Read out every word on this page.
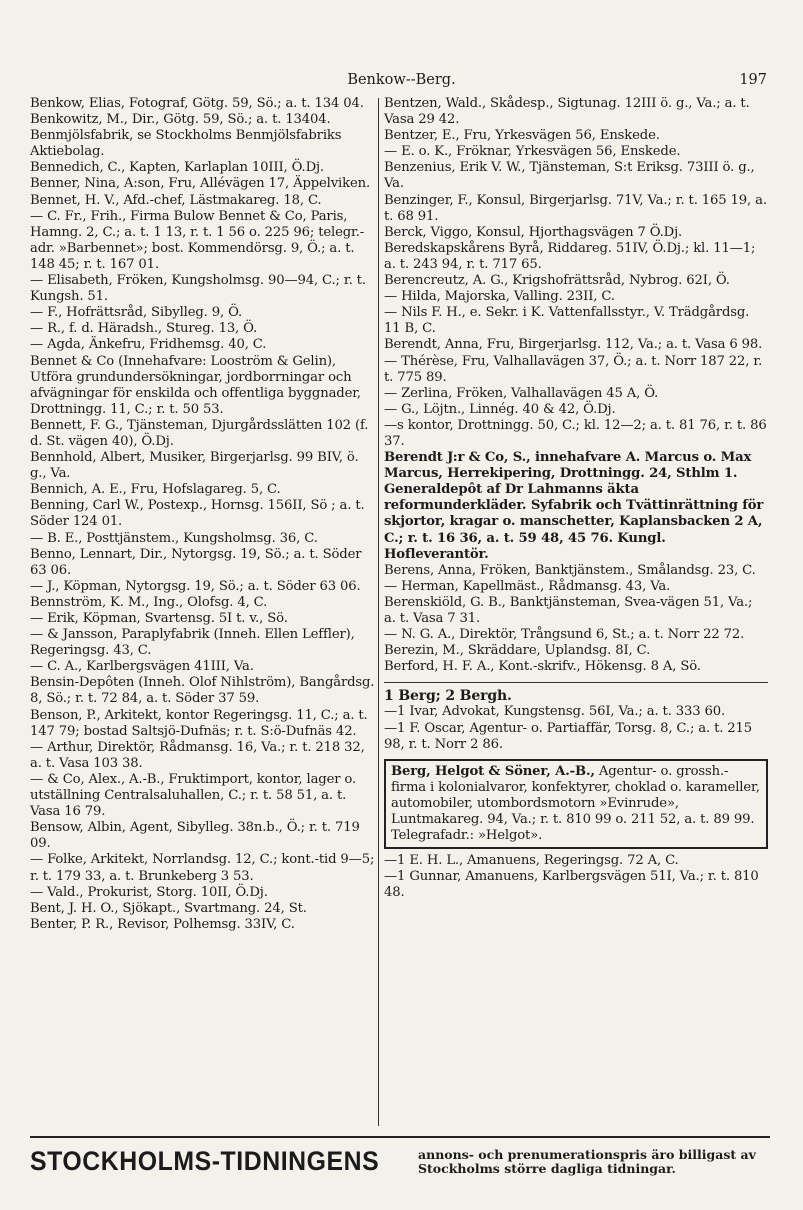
Benkow--Berg.	197
Benkow, Elias, Fotograf, Götg. 59, Sö.; a. t. 134 04.
Benkowitz, M., Dir., Götg. 59, Sö.; a. t. 13404.
Benmjölsfabrik, se Stockholms Benmjölsfabriks Aktiebolag.
Bennedich, C., Kapten, Karlaplan 10III, Ö.Dj.
Benner, Nina, A:son, Fru, Allévägen 17, Äppelviken.
Bennet, H. V., Afd.-chef, Lästmakareg. 18, C.
— C. Fr., Frih., Firma Bulow Bennet & Co, Paris, Hamng. 2, C.; a. t. 1 13, r. t. 1 56 o. 225 96; telegr.-adr. »Barbennet»; bost. Kommendörsg. 9, Ö.; a. t. 148 45; r. t. 167 01.
— Elisabeth, Fröken, Kungsholmsg. 90—94, C.; r. t. Kungsh. 51.
— F., Hofrättsråd, Sibylleg. 9, Ö.
— R., f. d. Häradsh., Stureg. 13, Ö.
— Agda, Änkefru, Fridhemsg. 40, C.
Bennet & Co (Innehafvare: Looström & Gelin), Utföra grundundersökningar, jordborrningar och afvägningar för enskilda och offentliga byggnader, Drottningg. 11, C.; r. t. 50 53.
Bennett, F. G., Tjänsteman, Djurgårdsslätten 102 (f. d. St. vägen 40), Ö.Dj.
Bennhold, Albert, Musiker, Birgerjarlsg. 99 BIV, ö. g., Va.
Bennich, A. E., Fru, Hofslagareg. 5, C.
Benning, Carl W., Postexp., Hornsg. 156II, Sö ; a. t. Söder 124 01.
— B. E., Posttjänstem., Kungsholmsg. 36, C.
Benno, Lennart, Dir., Nytorgsg. 19, Sö.; a. t. Söder 63 06.
— J., Köpman, Nytorgsg. 19, Sö.; a. t. Söder 63 06.
Bennström, K. M., Ing., Olofsg. 4, C.
— Erik, Köpman, Svartensg. 5I t. v., Sö.
— & Jansson, Paraplyfabrik (Inneh. Ellen Leffler), Regeringsg. 43, C.
— C. A., Karlbergsvägen 41III, Va.
Bensin-Depôten (Inneh. Olof Nihlström), Bangårdsg. 8, Sö.; r. t. 72 84, a. t. Söder 37 59.
Benson, P., Arkitekt, kontor Regeringsg. 11, C.; a. t. 147 79; bostad Saltsjö-Dufnäs; r. t. S:ö-Dufnäs 42.
— Arthur, Direktör, Rådmansg. 16, Va.; r. t. 218 32, a. t. Vasa 103 38.
— & Co, Alex., A.-B., Fruktimport, kontor, lager o. utställning Centralsaluhallen, C.; r. t. 58 51, a. t. Vasa 16 79.
Bensow, Albin, Agent, Sibylleg. 38n.b., Ö.; r. t. 719 09.
— Folke, Arkitekt, Norrlandsg. 12, C.; kont.-tid 9—5; r. t. 179 33, a. t. Brunkeberg 3 53.
— Vald., Prokurist, Storg. 10II, Ö.Dj.
Bent, J. H. O., Sjökapt., Svartmang. 24, St.
Benter, P. R., Revisor, Polhemsg. 33IV, C.
Bentzen, Wald., Skådesp., Sigtunag. 12III ö. g., Va.; a. t. Vasa 29 42.
Bentzer, E., Fru, Yrkesvägen 56, Enskede.
— E. o. K., Fröknar, Yrkesvägen 56, Enskede.
Benzenius, Erik V. W., Tjänsteman, S:t Eriksg. 73III ö. g., Va.
Benzinger, F., Konsul, Birgerjarlsg. 71V, Va.; r. t. 165 19, a. t. 68 91.
Berck, Viggo, Konsul, Hjorthagsvägen 7 Ö.Dj.
Beredskapskårens Byrå, Riddareg. 51IV, Ö.Dj.; kl. 11—1; a. t. 243 94, r. t. 717 65.
Berencreutz, A. G., Krigshofrättsråd, Nybrog. 62I, Ö.
— Hilda, Majorska, Valling. 23II, C.
— Nils F. H., e. Sekr. i K. Vattenfallsstyr., V. Trädgårdsg. 11 B, C.
Berendt, Anna, Fru, Birgerjarlsg. 112, Va.; a. t. Vasa 6 98.
— Thérèse, Fru, Valhallavägen 37, Ö.; a. t. Norr 187 22, r. t. 775 89.
— Zerlina, Fröken, Valhallavägen 45 A, Ö.
— G., Löjtn., Linnég. 40 & 42, Ö.Dj.
—s kontor, Drottningg. 50, C.; kl. 12—2; a. t. 81 76, r. t. 86 37.
Berendt J:r & Co, S., innehafvare A. Marcus o. Max Marcus, Herrekipering, Drottningg. 24, Sthlm 1. Generaldepôt af Dr Lahmanns äkta reformunderkläder. Syfabrik och Tvättinrättning för skjortor, kragar o. manschetter, Kaplansbacken 2 A, C.; r. t. 16 36, a. t. 59 48, 45 76. Kungl. Hofleverantör.
Berens, Anna, Fröken, Banktjänstem., Smålandsg. 23, C.
— Herman, Kapellmäst., Rådmansg. 43, Va.
Berenskiöld, G. B., Banktjänsteman, Svea-vägen 51, Va.; a. t. Vasa 7 31.
— N. G. A., Direktör, Trångsund 6, St.; a. t. Norr 22 72.
Berezin, M., Skräddare, Uplandsg. 8I, C.
Berford, H. F. A., Kont.-skrifv., Hökensg. 8 A, Sö.
1 Berg; 2 Bergh.
—1 Ivar, Advokat, Kungstensg. 56I, Va.; a. t. 333 60.
—1 F. Oscar, Agentur- o. Partiaffär, Torsg. 8, C.; a. t. 215 98, r. t. Norr 2 86.
Berg, Helgot & Söner, A.-B., Agentur- o. grossh.-firma i kolonialvaror, konfektyrer, choklad o. karameller, automobiler, utombordsmotorn »Evinrude», Luntmakareg. 94, Va.; r. t. 810 99 o. 211 52, a. t. 89 99. Telegrafadr.: »Helgot».
—1 E. H. L., Amanuens, Regeringsg. 72 A, C.
—1 Gunnar, Amanuens, Karlbergsvägen 51I, Va.; r. t. 810 48.
STOCKHOLMS-TIDNINGENS	annons- och prenumerationspris äro billigast av Stockholms större dagliga tidningar.
